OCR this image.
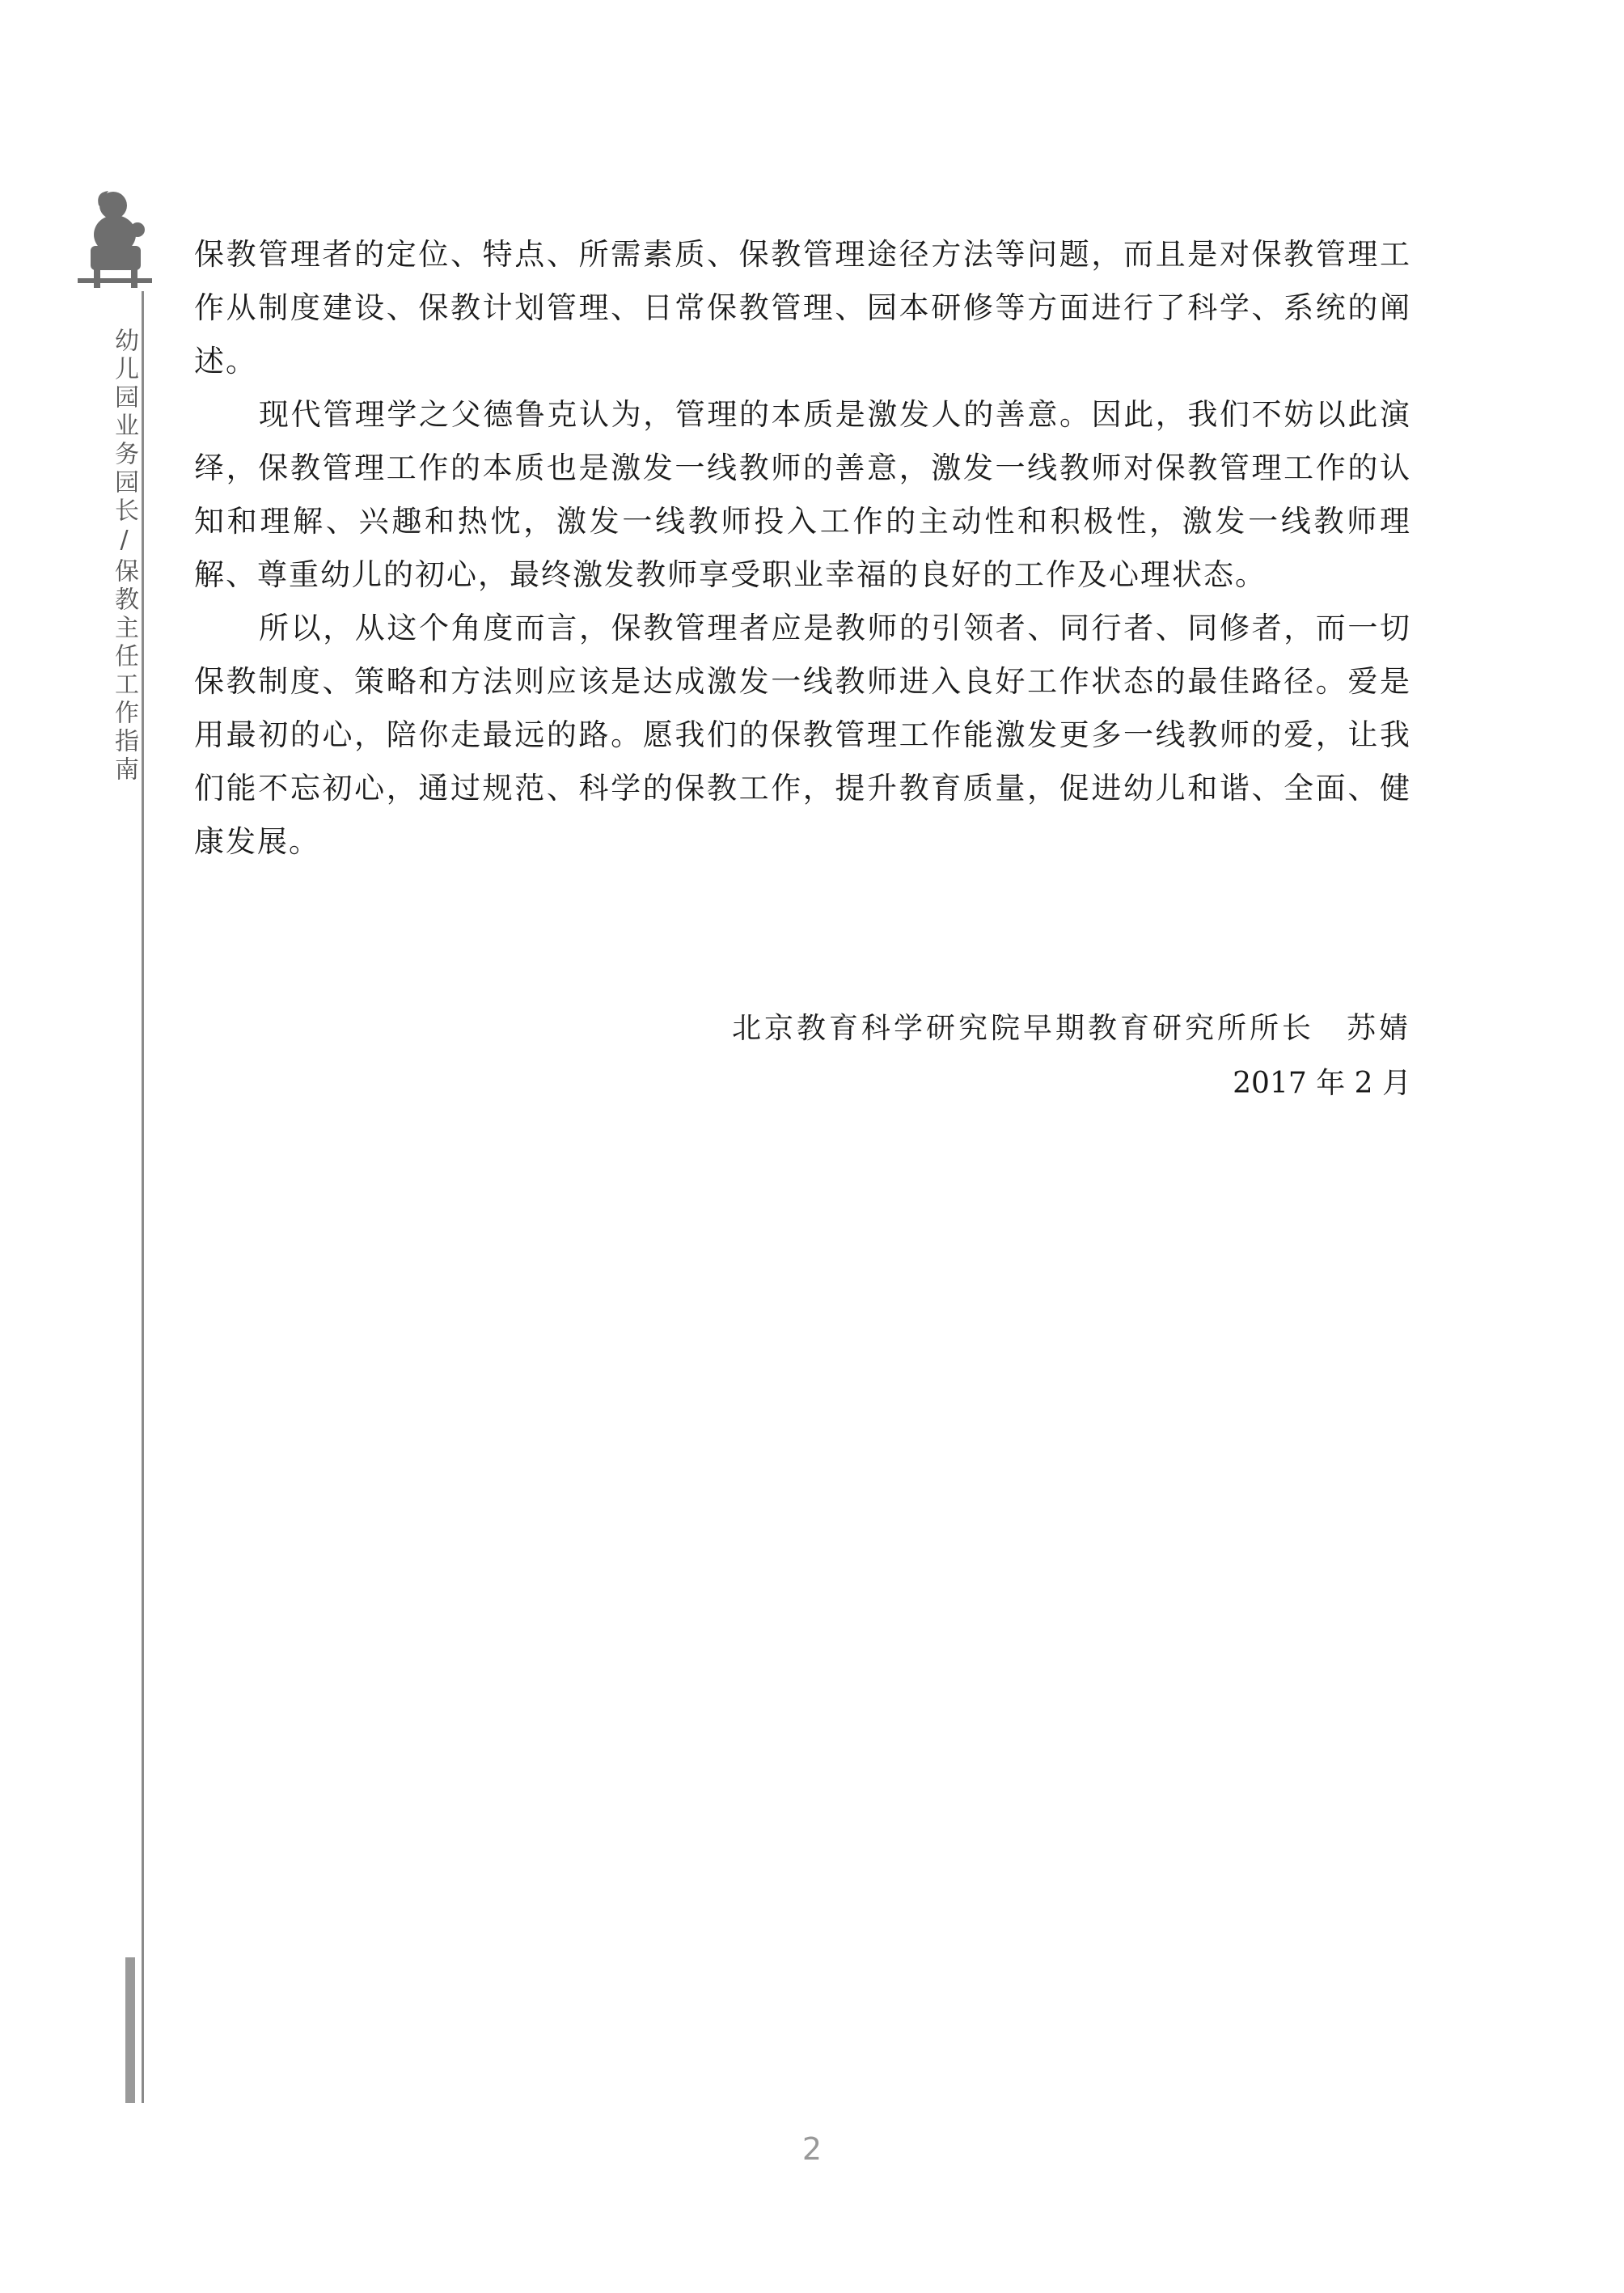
幼儿园业务园长/保教主任工作指南

保教管理者的定位、特点、所需素质、保教管理途径方法等问题，而且是对保教管理工作从制度建设、保教计划管理、日常保教管理、园本研修等方面进行了科学、系统的阐述。

现代管理学之父德鲁克认为，管理的本质是激发人的善意。因此，我们不妨以此演绎，保教管理工作的本质也是激发一线教师的善意，激发一线教师对保教管理工作的认知和理解、兴趣和热忱，激发一线教师投入工作的主动性和积极性，激发一线教师理解、尊重幼儿的初心，最终激发教师享受职业幸福的良好的工作及心理状态。

所以，从这个角度而言，保教管理者应是教师的引领者、同行者、同修者，而一切保教制度、策略和方法则应该是达成激发一线教师进入良好工作状态的最佳路径。爱是用最初的心，陪你走最远的路。愿我们的保教管理工作能激发更多一线教师的爱，让我们能不忘初心，通过规范、科学的保教工作，提升教育质量，促进幼儿和谐、全面、健康发展。

北京教育科学研究院早期教育研究所所长　苏婧
2017 年 2 月
2
